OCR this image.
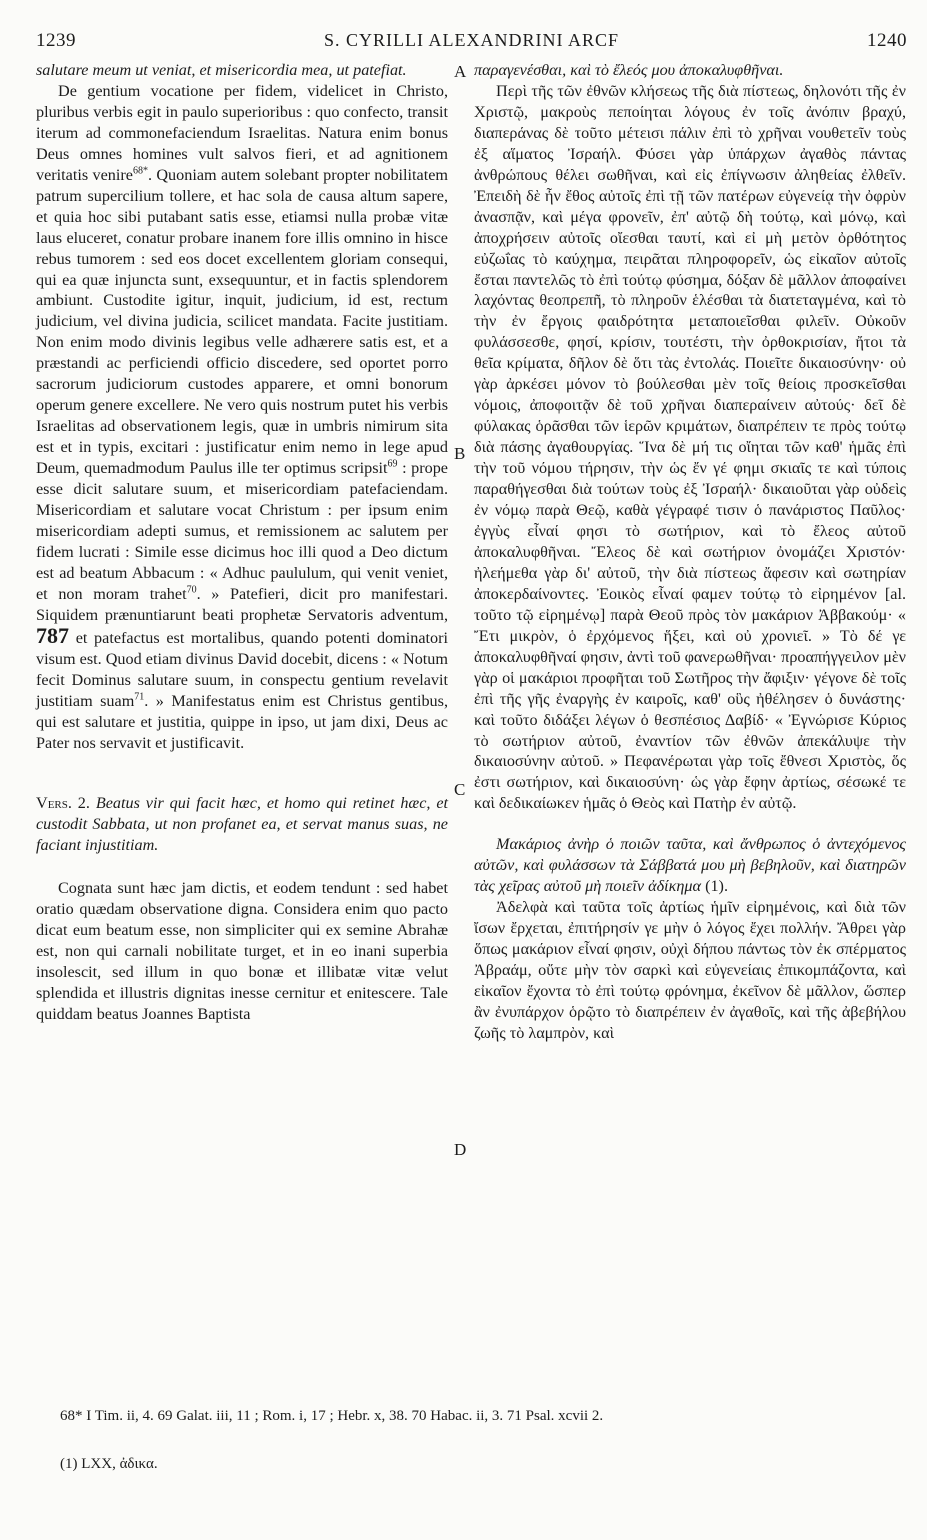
1239	S. CYRILLI ALEXANDRINI ARCF	1240
A
B
C
D

salutare meum ut veniat, et misericordia mea, ut patefiat.

De gentium vocatione per fidem, videlicet in Christo, pluribus verbis egit in paulo superioribus : quo confecto, transit iterum ad commonefaciendum Israelitas. Natura enim bonus Deus omnes homines vult salvos fieri, et ad agnitionem veritatis venire$^{68*}$. Quoniam autem solebant propter nobilitatem patrum supercilium tollere, et hac sola de causa altum sapere, et quia hoc sibi putabant satis esse, etiamsi nulla probæ vitæ laus eluceret, conatur probare inanem fore illis omnino in hisce rebus tumorem : sed eos docet excellentem gloriam consequi, qui ea quæ injuncta sunt, exsequuntur, et in factis splendorem ambiunt. Custodite igitur, inquit, judicium, id est, rectum judicium, vel divina judicia, scilicet mandata. Facite justitiam. Non enim modo divinis legibus velle adhærere satis est, et a præstandi ac perficiendi officio discedere, sed oportet porro sacrorum judiciorum custodes apparere, et omni bonorum operum genere excellere. Ne vero quis nostrum putet his verbis Israelitas ad observationem legis, quæ in umbris nimirum sita est et in typis, excitari : justificatur enim nemo in lege apud Deum, quemadmodum Paulus ille ter optimus scripsit$^{69}$ : prope esse dicit salutare suum, et misericordiam patefaciendam. Misericordiam et salutare vocat Christum : per ipsum enim misericordiam adepti sumus, et remissionem ac salutem per fidem lucrati : Simile esse dicimus hoc illi quod a Deo dictum est ad beatum Abbacum : « Adhuc paululum, qui venit veniet, et non moram trahet$^{70}$. » Patefieri, dicit pro manifestari. Siquidem prænuntiarunt beati prophetæ Servatoris adventum, 787 et patefactus est mortalibus, quando potenti dominatori visum est. Quod etiam divinus David docebit, dicens : « Notum fecit Dominus salutare suum, in conspectu gentium revelavit justitiam suam$^{71}$. » Manifestatus enim est Christus gentibus, qui est salutare et justitia, quippe in ipso, ut jam dixi, Deus ac Pater nos servavit et justificavit.

Vers. 2. Beatus vir qui facit hæc, et homo qui retinet hæc, et custodit Sabbata, ut non profanet ea, et servat manus suas, ne faciant injustitiam.

Cognata sunt hæc jam dictis, et eodem tendunt : sed habet oratio quædam observatione digna. Considera enim quo pacto dicat eum beatum esse, non simpliciter qui ex semine Abrahæ est, non qui carnali nobilitate turget, et in eo inani superbia insolescit, sed illum in quo bonæ et illibatæ vitæ velut splendida et illustris dignitas inesse cernitur et enitescere. Tale quiddam beatus Joannes Baptista

παραγενέσθαι, καὶ τὸ ἔλεός μου ἀποκαλυφθῆναι.

Περὶ τῆς τῶν ἐθνῶν κλήσεως τῆς διὰ πίστεως, δηλονότι τῆς ἐν Χριστῷ, μακροὺς πεποίηται λόγους ἐν τοῖς ἀνόπιν βραχύ, διαπεράνας δὲ τοῦτο μέτεισι πάλιν ἐπὶ τὸ χρῆναι νουθετεῖν τοὺς ἐξ αἵματος Ἰσραήλ. Φύσει γὰρ ὑπάρχων ἀγαθὸς πάντας ἀνθρώπους θέλει σωθῆναι, καὶ εἰς ἐπίγνωσιν ἀληθείας ἐλθεῖν. Ἐπειδὴ δὲ ἦν ἔθος αὐτοῖς ἐπὶ τῇ τῶν πατέρων εὐγενείᾳ τὴν ὀφρὺν ἀνασπᾷν, καὶ μέγα φρονεῖν, ἐπ' αὐτῷ δὴ τούτῳ, καὶ μόνῳ, καὶ ἀποχρήσειν αὐτοῖς οἴεσθαι ταυτί, καὶ εἰ μὴ μετὸν ὀρθότητος εὐζωΐας τὸ καύχημα, πειρᾶται πληροφορεῖν, ὡς εἰκαῖον αὐτοῖς ἔσται παντελῶς τὸ ἐπὶ τούτῳ φύσημα, δόξαν δὲ μᾶλλον ἀποφαίνει λαχόντας θεοπρεπῆ, τὸ πληροῦν ἑλέσθαι τὰ διατεταγμένα, καὶ τὸ τὴν ἐν ἔργοις φαιδρότητα μεταποιεῖσθαι φιλεῖν. Οὐκοῦν φυλάσσεσθε, φησί, κρίσιν, τουτέστι, τὴν ὀρθοκρισίαν, ἤτοι τὰ θεῖα κρίματα, δῆλον δὲ ὅτι τὰς ἐντολάς. Ποιεῖτε δικαιοσύνην· οὐ γὰρ ἀρκέσει μόνον τὸ βούλεσθαι μὲν τοῖς θείοις προσκεῖσθαι νόμοις, ἀποφοιτᾷν δὲ τοῦ χρῆναι διαπεραίνειν αὐτούς· δεῖ δὲ φύλακας ὁρᾶσθαι τῶν ἱερῶν κριμάτων, διαπρέπειν τε πρὸς τούτῳ διὰ πάσης ἀγαθουργίας. Ἵνα δὲ μή τις οἴηται τῶν καθ' ἡμᾶς ἐπὶ τὴν τοῦ νόμου τήρησιν, τὴν ὡς ἔν γέ φημι σκιαῖς τε καὶ τύποις παραθήγεσθαι διὰ τούτων τοὺς ἐξ Ἰσραήλ· δικαιοῦται γὰρ οὐδεὶς ἐν νόμῳ παρὰ Θεῷ, καθὰ γέγραφέ τισιν ὁ πανάριστος Παῦλος· ἐγγὺς εἶναί φησι τὸ σωτήριον, καὶ τὸ ἔλεος αὐτοῦ ἀποκαλυφθῆναι. Ἔλεος δὲ καὶ σωτήριον ὀνομάζει Χριστόν· ἠλεήμεθα γὰρ δι' αὐτοῦ, τὴν διὰ πίστεως ἄφεσιν καὶ σωτηρίαν ἀποκερδαίνοντες. Ἐοικὸς εἶναί φαμεν τούτῳ τὸ εἰρημένον [al. τοῦτο τῷ εἰρημένῳ] παρὰ Θεοῦ πρὸς τὸν μακάριον Ἀββακούμ· « Ἔτι μικρὸν, ὁ ἐρχόμενος ἥξει, καὶ οὐ χρονιεῖ. » Τὸ δέ γε ἀποκαλυφθῆναί φησιν, ἀντὶ τοῦ φανερωθῆναι· προαπήγγειλον μὲν γὰρ οἱ μακάριοι προφῆται τοῦ Σωτῆρος τὴν ἄφιξιν· γέγονε δὲ τοῖς ἐπὶ τῆς γῆς ἐναργὴς ἐν καιροῖς, καθ' οὓς ἠθέλησεν ὁ δυνάστης· καὶ τοῦτο διδάξει λέγων ὁ θεσπέσιος Δαβίδ· « Ἐγνώρισε Κύριος τὸ σωτήριον αὐτοῦ, ἐναντίον τῶν ἐθνῶν ἀπεκάλυψε τὴν δικαιοσύνην αὐτοῦ. » Πεφανέρωται γὰρ τοῖς ἔθνεσι Χριστὸς, ὅς ἐστι σωτήριον, καὶ δικαιοσύνη· ὡς γὰρ ἔφην ἀρτίως, σέσωκέ τε καὶ δεδικαίωκεν ἡμᾶς ὁ Θεὸς καὶ Πατὴρ ἐν αὐτῷ.

Μακάριος ἀνὴρ ὁ ποιῶν ταῦτα, καὶ ἄνθρωπος ὁ ἀντεχόμενος αὐτῶν, καὶ φυλάσσων τὰ Σάββατά μου μὴ βεβηλοῦν, καὶ διατηρῶν τὰς χεῖρας αὐτοῦ μὴ ποιεῖν ἀδίκημα (1).

Ἀδελφὰ καὶ ταῦτα τοῖς ἀρτίως ἡμῖν εἰρημένοις, καὶ διὰ τῶν ἴσων ἔρχεται, ἐπιτήρησίν γε μὴν ὁ λόγος ἔχει πολλήν. Ἄθρει γὰρ ὅπως μακάριον εἶναί φησιν, οὐχὶ δήπου πάντως τὸν ἐκ σπέρματος Ἀβραάμ, οὔτε μὴν τὸν σαρκὶ καὶ εὐγενείαις ἐπικομπάζοντα, καὶ εἰκαῖον ἔχοντα τὸ ἐπὶ τούτῳ φρόνημα, ἐκεῖνον δὲ μᾶλλον, ὥσπερ ἂν ἐνυπάρχον ὁρῷτο τὸ διαπρέπειν ἐν ἀγαθοῖς, καὶ τῆς ἀβεβήλου ζωῆς τὸ λαμπρὸν, καὶ

68* I Tim. ii, 4. 69 Galat. iii, 11 ; Rom. i, 17 ; Hebr. x, 38. 70 Habac. ii, 3. 71 Psal. xcvii 2.
(1) LXX, ἀδικα.
